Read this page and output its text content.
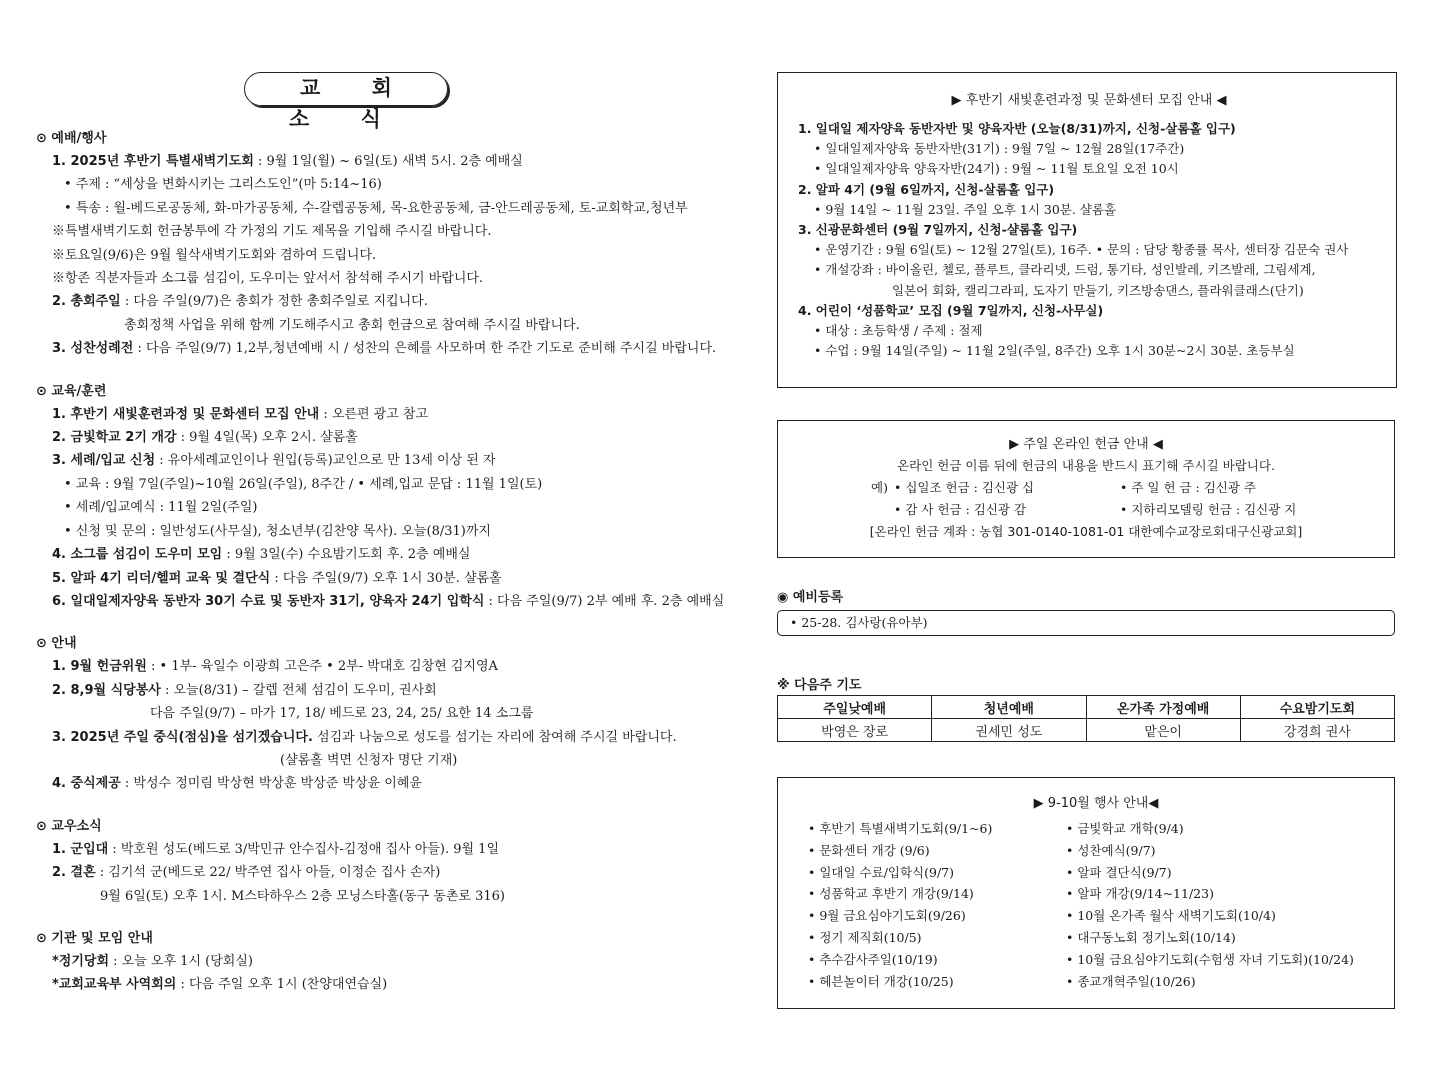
교 회 소 식
⊙ 예배/행사
1. 2025년 후반기 특별새벽기도회 : 9월 1일(월) ~ 6일(토) 새벽 5시. 2층 예배실
• 주제 : “세상을 변화시키는 그리스도인”(마 5:14~16)
• 특송 : 월-베드로공동체, 화-마가공동체, 수-갈렙공동체, 목-요한공동체, 금-안드레공동체, 토-교회학교,청년부
※특별새벽기도회 헌금봉투에 각 가정의 기도 제목을 기입해 주시길 바랍니다.
※토요일(9/6)은 9월 월삭새벽기도회와 겸하여 드립니다.
※항존 직분자들과 소그룹 섬김이, 도우미는 앞서서 참석해 주시기 바랍니다.
2. 총회주일 : 다음 주일(9/7)은 총회가 정한 총회주일로 지킵니다.
총회정책 사업을 위해 함께 기도해주시고 총회 헌금으로 참여해 주시길 바랍니다.
3. 성찬성례전 : 다음 주일(9/7) 1,2부,청년예배 시 / 성찬의 은혜를 사모하며 한 주간 기도로 준비해 주시길 바랍니다.
⊙ 교육/훈련
1. 후반기 새빛훈련과정 및 문화센터 모집 안내 : 오른편 광고 참고
2. 금빛학교 2기 개강 : 9월 4일(목) 오후 2시. 샬롬홀
3. 세례/입교 신청 : 유아세례교인이나 원입(등록)교인으로 만 13세 이상 된 자
• 교육 : 9월 7일(주일)~10월 26일(주일), 8주간 / • 세례,입교 문답 : 11월 1일(토)
• 세례/입교예식 : 11월 2일(주일)
• 신청 및 문의 : 일반성도(사무실), 청소년부(김찬양 목사). 오늘(8/31)까지
4. 소그룹 섬김이 도우미 모임 : 9월 3일(수) 수요밤기도회 후. 2층 예배실
5. 알파 4기 리더/헬퍼 교육 및 결단식 : 다음 주일(9/7) 오후 1시 30분. 샬롬홀
6. 일대일제자양육 동반자 30기 수료 및 동반자 31기, 양육자 24기 입학식 : 다음 주일(9/7) 2부 예배 후. 2층 예배실
⊙ 안내
1. 9월 헌금위원 : • 1부- 육일수 이광희 고은주 • 2부- 박대호 김창현 김지영A
2. 8,9월 식당봉사 : 오늘(8/31) – 갈렙 전체 섬김이 도우미, 권사회
다음 주일(9/7) – 마가 17, 18/ 베드로 23, 24, 25/ 요한 14 소그룹
3. 2025년 주일 중식(점심)을 섬기겠습니다. 섬김과 나눔으로 성도를 섬기는 자리에 참여해 주시길 바랍니다.
(샬롬홀 벽면 신청자 명단 기재)
4. 중식제공 : 박성수 정미림 박상현 박상훈 박상준 박상윤 이혜윤
⊙ 교우소식
1. 군입대 : 박호원 성도(베드로 3/박민규 안수집사-김정애 집사 아들). 9월 1일
2. 결혼 : 김기석 군(베드로 22/ 박주연 집사 아들, 이정순 집사 손자)
9월 6일(토) 오후 1시. M스타하우스 2층 모닝스타홀(동구 동촌로 316)
⊙ 기관 및 모임 안내
*정기당회 : 오늘 오후 1시 (당회실)
*교회교육부 사역회의 : 다음 주일 오후 1시 (찬양대연습실)
▶ 후반기 새빛훈련과정 및 문화센터 모집 안내 ◀
1. 일대일 제자양육 동반자반 및 양육자반 (오늘(8/31)까지, 신청-살롬홀 입구)
• 일대일제자양육 동반자반(31기) : 9월 7일 ~ 12월 28일(17주간)
• 일대일제자양육 양육자반(24기) : 9월 ~ 11월 토요일 오전 10시
2. 알파 4기 (9월 6일까지, 신청-살롬홀 입구)
• 9월 14일 ~ 11월 23일. 주일 오후 1시 30분. 샬롬홀
3. 신광문화센터 (9월 7일까지, 신청-샬롬홀 입구)
• 운영기간 : 9월 6일(토) ~ 12월 27일(토), 16주. • 문의 : 담당 황종률 목사, 센터장 김문숙 권사
• 개설강좌 : 바이올린, 첼로, 플루트, 클라리넷, 드럼, 통기타, 성인발레, 키즈발레, 그림세계,
일본어 회화, 캘리그라피, 도자기 만들기, 키즈방송댄스, 플라워클래스(단기)
4. 어린이 ‘성품학교’ 모집 (9월 7일까지, 신청-사무실)
• 대상 : 초등학생 / 주제 : 절제
• 수업 : 9월 14일(주일) ~ 11월 2일(주일, 8주간) 오후 1시 30분~2시 30분. 초등부실
▶ 주일 온라인 헌금 안내 ◀
온라인 헌금 이름 뒤에 헌금의 내용을 반드시 표기해 주시길 바랍니다.
예) • 십일조 헌금 : 김신광 십	• 주 일 헌 금 : 김신광 주
• 감 사 헌금 : 김신광 감	• 지하리모델링 헌금 : 김신광 지
[온라인 헌금 계좌 : 농협 301-0140-1081-01 대한예수교장로회대구신광교회]
◉ 예비등록
• 25-28. 김사랑(유아부)
※ 다음주 기도
주일낮예배	청년예배	온가족 가정예배	수요밤기도회
박영은 장로	권세민 성도	맡은이	강경희 권사
▶ 9-10월 행사 안내◀
• 후반기 특별새벽기도회(9/1~6)
• 문화센터 개강 (9/6)
• 일대일 수료/입학식(9/7)
• 성품학교 후반기 개강(9/14)
• 9월 금요심야기도회(9/26)
• 정기 제직회(10/5)
• 추수감사주일(10/19)
• 헤븐놀이터 개강(10/25)
• 금빛학교 개학(9/4)
• 성찬예식(9/7)
• 알파 결단식(9/7)
• 알파 개강(9/14~11/23)
• 10월 온가족 월삭 새벽기도회(10/4)
• 대구동노회 정기노회(10/14)
• 10월 금요심야기도회(수험생 자녀 기도회)(10/24)
• 종교개혁주일(10/26)
